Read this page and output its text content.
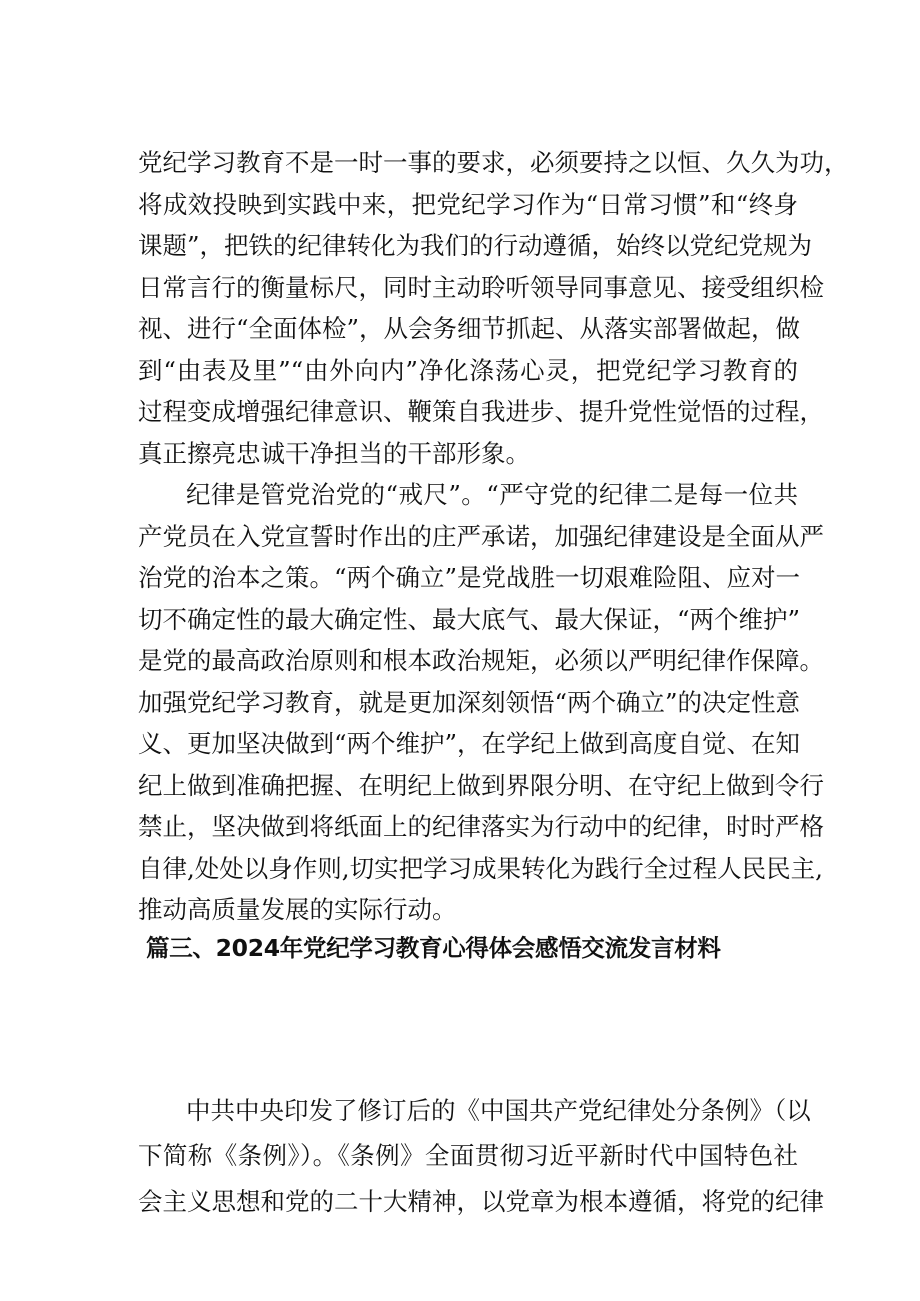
党纪学习教育不是一时一事的要求，必须要持之以恒、久久为功，
将成效投映到实践中来，把党纪学习作为“日常习惯”和“终身
课题”，把铁的纪律转化为我们的行动遵循，始终以党纪党规为
日常言行的衡量标尺，同时主动聆听领导同事意见、接受组织检
视、进行“全面体检”，从会务细节抓起、从落实部署做起，做
到“由表及里”“由外向内”净化涤荡心灵，把党纪学习教育的
过程变成增强纪律意识、鞭策自我进步、提升党性觉悟的过程，
真正擦亮忠诚干净担当的干部形象。
纪律是管党治党的“戒尺”。“严守党的纪律二是每一位共
产党员在入党宣誓时作出的庄严承诺，加强纪律建设是全面从严
治党的治本之策。“两个确立”是党战胜一切艰难险阻、应对一
切不确定性的最大确定性、最大底气、最大保证，“两个维护”
是党的最高政治原则和根本政治规矩，必须以严明纪律作保障。
加强党纪学习教育，就是更加深刻领悟“两个确立”的决定性意
义、更加坚决做到“两个维护”，在学纪上做到高度自觉、在知
纪上做到准确把握、在明纪上做到界限分明、在守纪上做到令行
禁止，坚决做到将纸面上的纪律落实为行动中的纪律，时时严格
自律,处处以身作则,切实把学习成果转化为践行全过程人民民主,
推动高质量发展的实际行动。
篇三、2024年党纪学习教育心得体会感悟交流发言材料
中共中央印发了修订后的《中国共产党纪律处分条例》（以
下简称《条例》）。《条例》全面贯彻习近平新时代中国特色社
会主义思想和党的二十大精神，以党章为根本遵循，将党的纪律
